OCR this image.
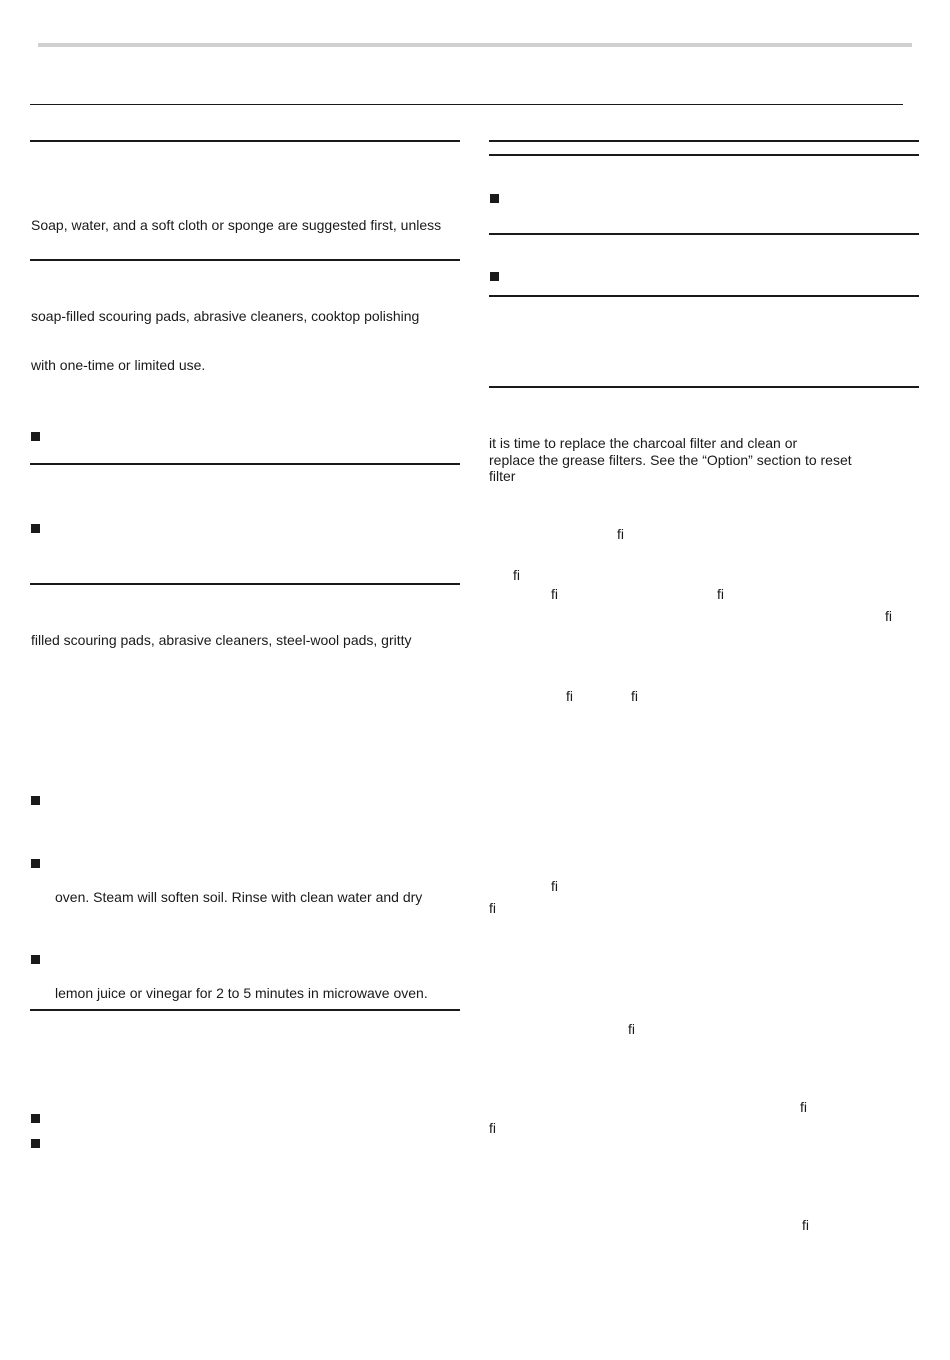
Soap, water, and a soft cloth or sponge are suggested first, unless
soap-filled scouring pads, abrasive cleaners, cooktop polishing
with one-time or limited use.
filled scouring pads, abrasive cleaners, steel-wool pads, gritty
oven. Steam will soften soil. Rinse with clean water and dry
lemon juice or vinegar for 2 to 5 minutes in microwave oven.
it is time to replace the charcoal filter and clean or
replace the grease filters. See the “Option” section to reset
filter
fi
fi
fi	fi
fi
fi	fi
fi
fi
fi
fi
fi
fi
